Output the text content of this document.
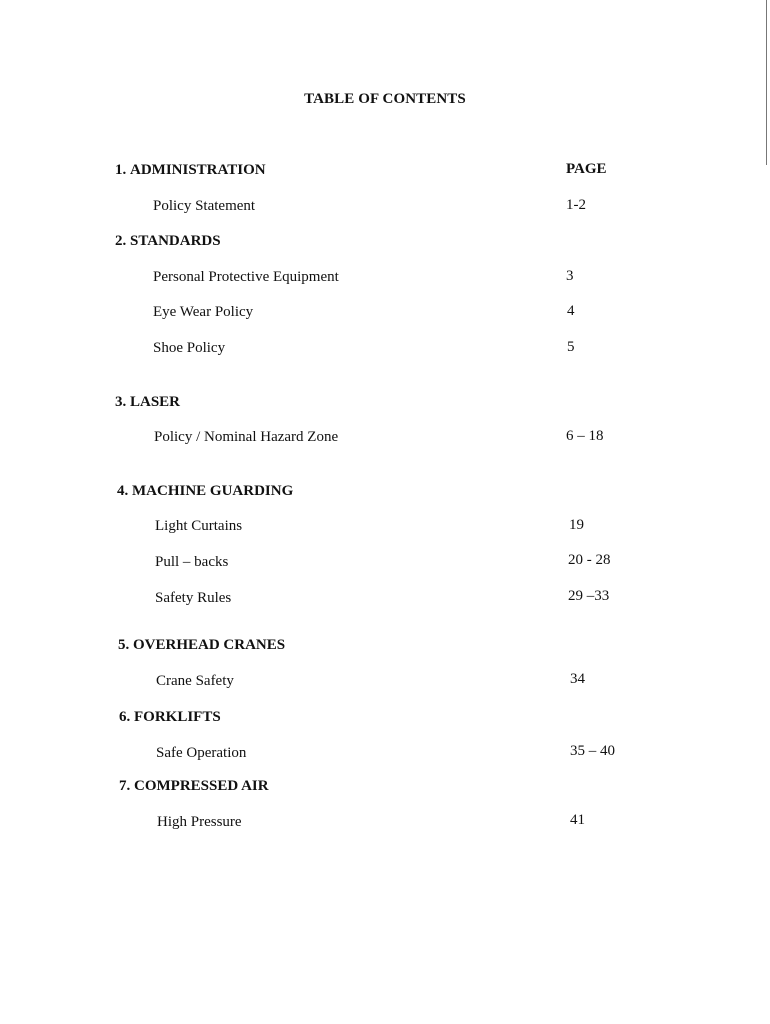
TABLE OF CONTENTS
1. ADMINISTRATION	PAGE
Policy Statement	1-2
2. STANDARDS
Personal Protective Equipment	3
Eye Wear Policy	4
Shoe Policy	5
3. LASER
Policy / Nominal Hazard Zone	6 – 18
4. MACHINE GUARDING
Light Curtains	19
Pull – backs	20 - 28
Safety Rules	29 –33
5. OVERHEAD CRANES
Crane Safety	34
6. FORKLIFTS
Safe Operation	35 – 40
7. COMPRESSED AIR
High Pressure	41
